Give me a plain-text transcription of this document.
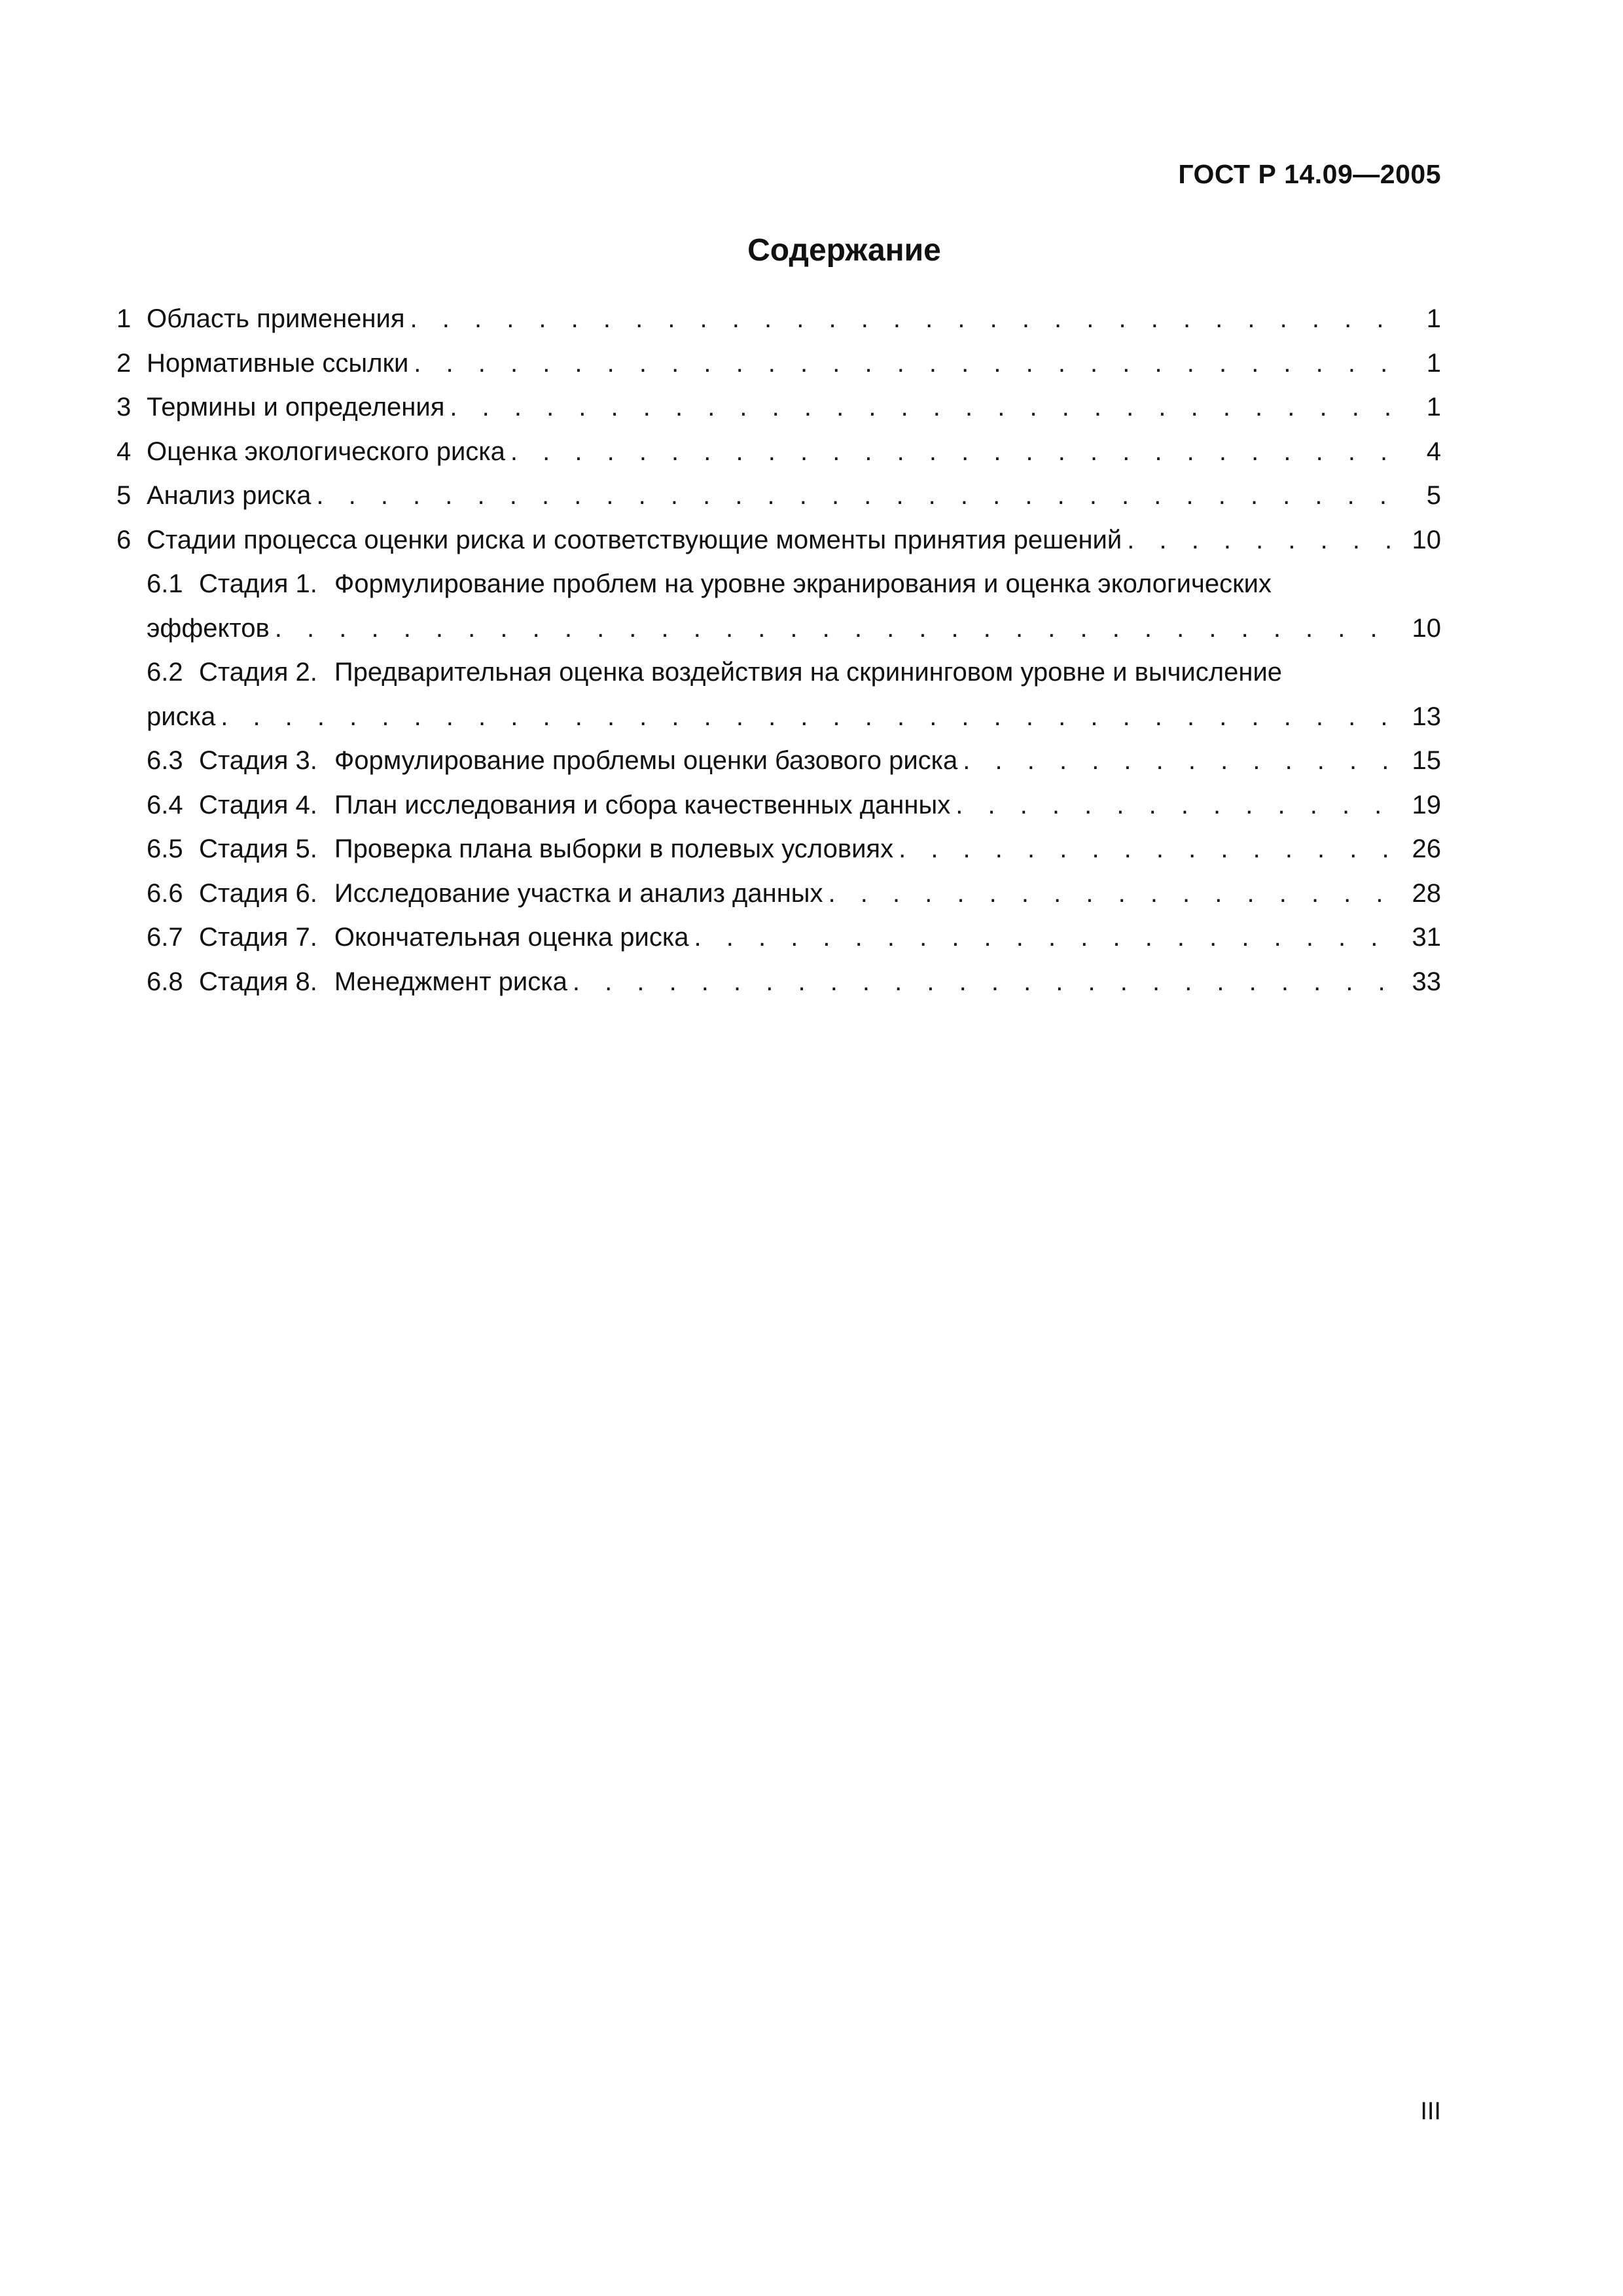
ГОСТ Р 14.09—2005
Содержание
1 Область применения . . .	1
2 Нормативные ссылки . . .	1
3 Термины и определения . . .	1
4 Оценка экологического риска . . .	4
5 Анализ риска . . .	5
6 Стадии процесса оценки риска и соответствующие моменты принятия решений . . .	10
6.1 Стадия 1. Формулирование проблем на уровне экранирования и оценка экологических
эффектов . . .	10
6.2 Стадия 2. Предварительная оценка воздействия на скрининговом уровне и вычисление
риска . . .	13
6.3 Стадия 3. Формулирование проблемы оценки базового риска . . .	15
6.4 Стадия 4. План исследования и сбора качественных данных . . .	19
6.5 Стадия 5. Проверка плана выборки в полевых условиях . . .	26
6.6 Стадия 6. Исследование участка и анализ данных . . .	28
6.7 Стадия 7. Окончательная оценка риска . . .	31
6.8 Стадия 8. Менеджмент риска . . .	33
III
